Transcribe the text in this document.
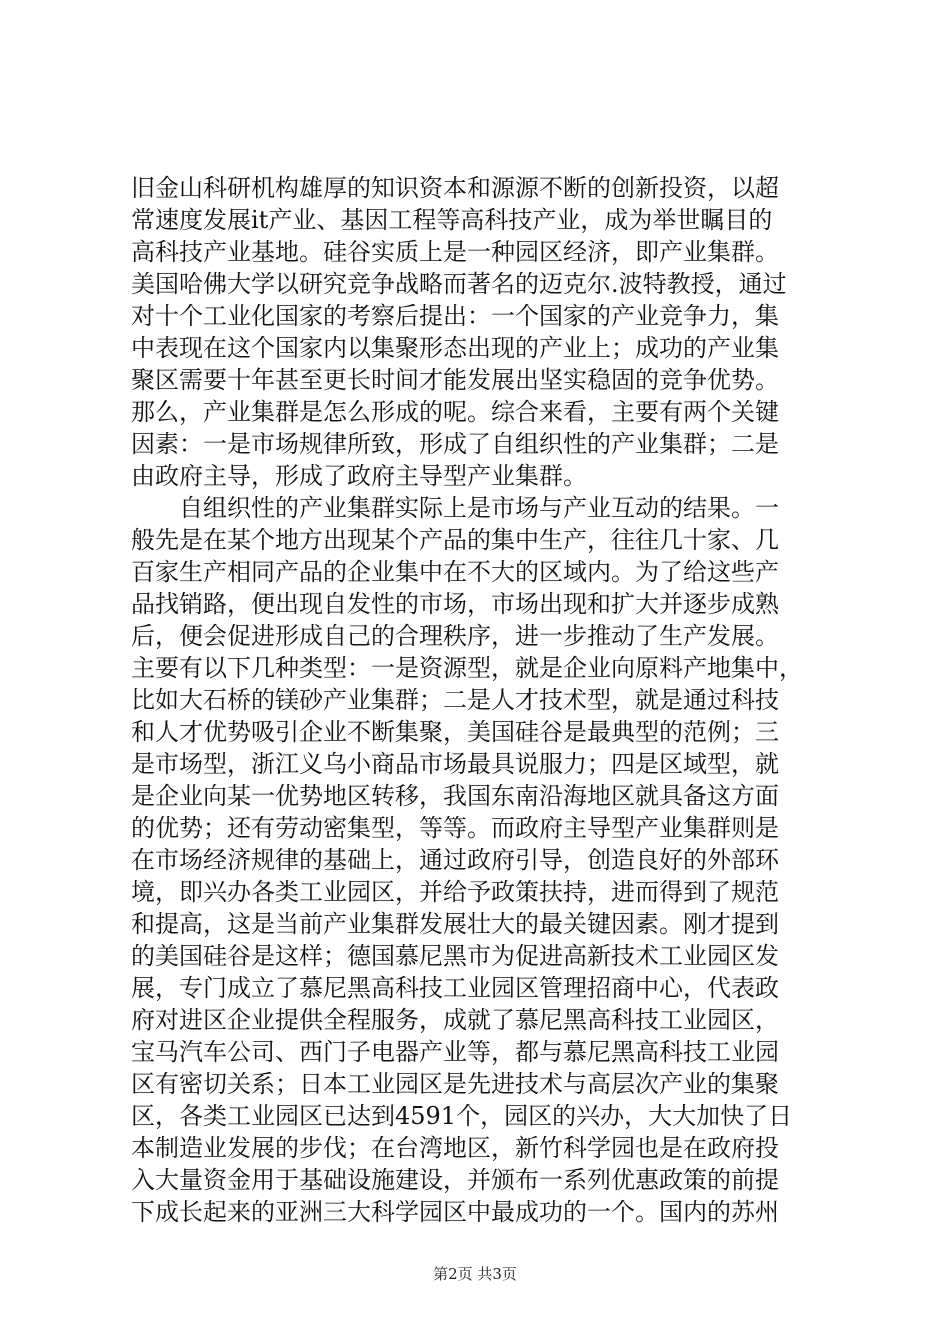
旧金山科研机构雄厚的知识资本和源源不断的创新投资，以超
常速度发展it产业、基因工程等高科技产业，成为举世瞩目的
高科技产业基地。硅谷实质上是一种园区经济，即产业集群。
美国哈佛大学以研究竞争战略而著名的迈克尔.波特教授，通过
对十个工业化国家的考察后提出：一个国家的产业竞争力，集
中表现在这个国家内以集聚形态出现的产业上；成功的产业集
聚区需要十年甚至更长时间才能发展出坚实稳固的竞争优势。
那么，产业集群是怎么形成的呢。综合来看，主要有两个关键
因素：一是市场规律所致，形成了自组织性的产业集群；二是
由政府主导，形成了政府主导型产业集群。
　　自组织性的产业集群实际上是市场与产业互动的结果。一
般先是在某个地方出现某个产品的集中生产，往往几十家、几
百家生产相同产品的企业集中在不大的区域内。为了给这些产
品找销路，便出现自发性的市场，市场出现和扩大并逐步成熟
后，便会促进形成自己的合理秩序，进一步推动了生产发展。
主要有以下几种类型：一是资源型，就是企业向原料产地集中，
比如大石桥的镁砂产业集群；二是人才技术型，就是通过科技
和人才优势吸引企业不断集聚，美国硅谷是最典型的范例；三
是市场型，浙江义乌小商品市场最具说服力；四是区域型，就
是企业向某一优势地区转移，我国东南沿海地区就具备这方面
的优势；还有劳动密集型，等等。而政府主导型产业集群则是
在市场经济规律的基础上，通过政府引导，创造良好的外部环
境，即兴办各类工业园区，并给予政策扶持，进而得到了规范
和提高，这是当前产业集群发展壮大的最关键因素。刚才提到
的美国硅谷是这样；德国慕尼黑市为促进高新技术工业园区发
展，专门成立了慕尼黑高科技工业园区管理招商中心，代表政
府对进区企业提供全程服务，成就了慕尼黑高科技工业园区，
宝马汽车公司、西门子电器产业等，都与慕尼黑高科技工业园
区有密切关系；日本工业园区是先进技术与高层次产业的集聚
区，各类工业园区已达到4591个，园区的兴办，大大加快了日
本制造业发展的步伐；在台湾地区，新竹科学园也是在政府投
入大量资金用于基础设施建设，并颁布一系列优惠政策的前提
下成长起来的亚洲三大科学园区中最成功的一个。国内的苏州
第2页 共3页
